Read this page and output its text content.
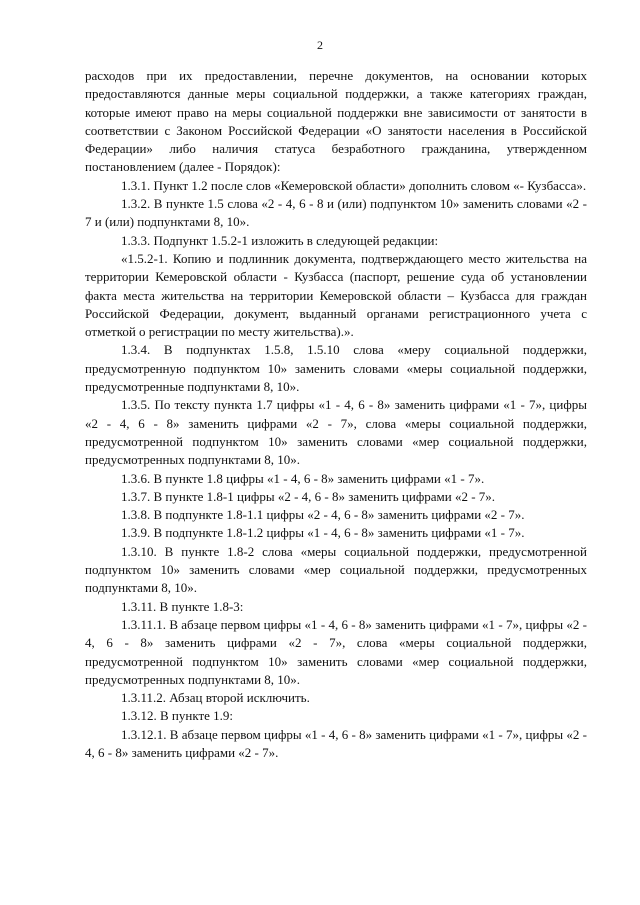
2

расходов при их предоставлении, перечне документов, на основании которых предоставляются данные меры социальной поддержки, а также категориях граждан, которые имеют право на меры социальной поддержки вне зависимости от занятости в соответствии с Законом Российской Федерации «О занятости населения в Российской Федерации» либо наличия статуса безработного гражданина, утвержденном постановлением (далее - Порядок):

1.3.1. Пункт 1.2 после слов «Кемеровской области» дополнить словом «- Кузбасса».

1.3.2. В пункте 1.5 слова «2 - 4, 6 - 8 и (или) подпунктом 10» заменить словами «2 - 7 и (или) подпунктами 8, 10».

1.3.3. Подпункт 1.5.2-1 изложить в следующей редакции:

«1.5.2-1. Копию и подлинник документа, подтверждающего место жительства на территории Кемеровской области - Кузбасса (паспорт, решение суда об установлении факта места жительства на территории Кемеровской области – Кузбасса для граждан Российской Федерации, документ, выданный органами регистрационного учета с отметкой о регистрации по месту жительства).».

1.3.4. В подпунктах 1.5.8, 1.5.10 слова «меру социальной поддержки, предусмотренную подпунктом 10» заменить словами «меры социальной поддержки, предусмотренные подпунктами 8, 10».

1.3.5. По тексту пункта 1.7 цифры «1 - 4, 6 - 8» заменить цифрами «1 - 7», цифры «2 - 4, 6 - 8» заменить цифрами «2 - 7», слова «меры социальной поддержки, предусмотренной подпунктом 10» заменить словами «мер социальной поддержки, предусмотренных подпунктами 8, 10».

1.3.6. В пункте 1.8 цифры «1 - 4, 6 - 8» заменить цифрами «1 - 7».

1.3.7. В пункте 1.8-1 цифры «2 - 4, 6 - 8» заменить цифрами «2 - 7».

1.3.8. В подпункте 1.8-1.1 цифры «2 - 4, 6 - 8» заменить цифрами «2 - 7».

1.3.9. В подпункте 1.8-1.2 цифры «1 - 4, 6 - 8» заменить цифрами «1 - 7».

1.3.10. В пункте 1.8-2 слова «меры социальной поддержки, предусмотренной подпунктом 10» заменить словами «мер социальной поддержки, предусмотренных подпунктами 8, 10».

1.3.11. В пункте 1.8-3:

1.3.11.1. В абзаце первом цифры «1 - 4, 6 - 8» заменить цифрами «1 - 7», цифры «2 - 4, 6 - 8» заменить цифрами «2 - 7», слова «меры социальной поддержки, предусмотренной подпунктом 10» заменить словами «мер социальной поддержки, предусмотренных подпунктами 8, 10».

1.3.11.2. Абзац второй исключить.

1.3.12. В пункте 1.9:

1.3.12.1. В абзаце первом цифры «1 - 4, 6 - 8» заменить цифрами «1 - 7», цифры «2 - 4, 6 - 8» заменить цифрами «2 - 7».
